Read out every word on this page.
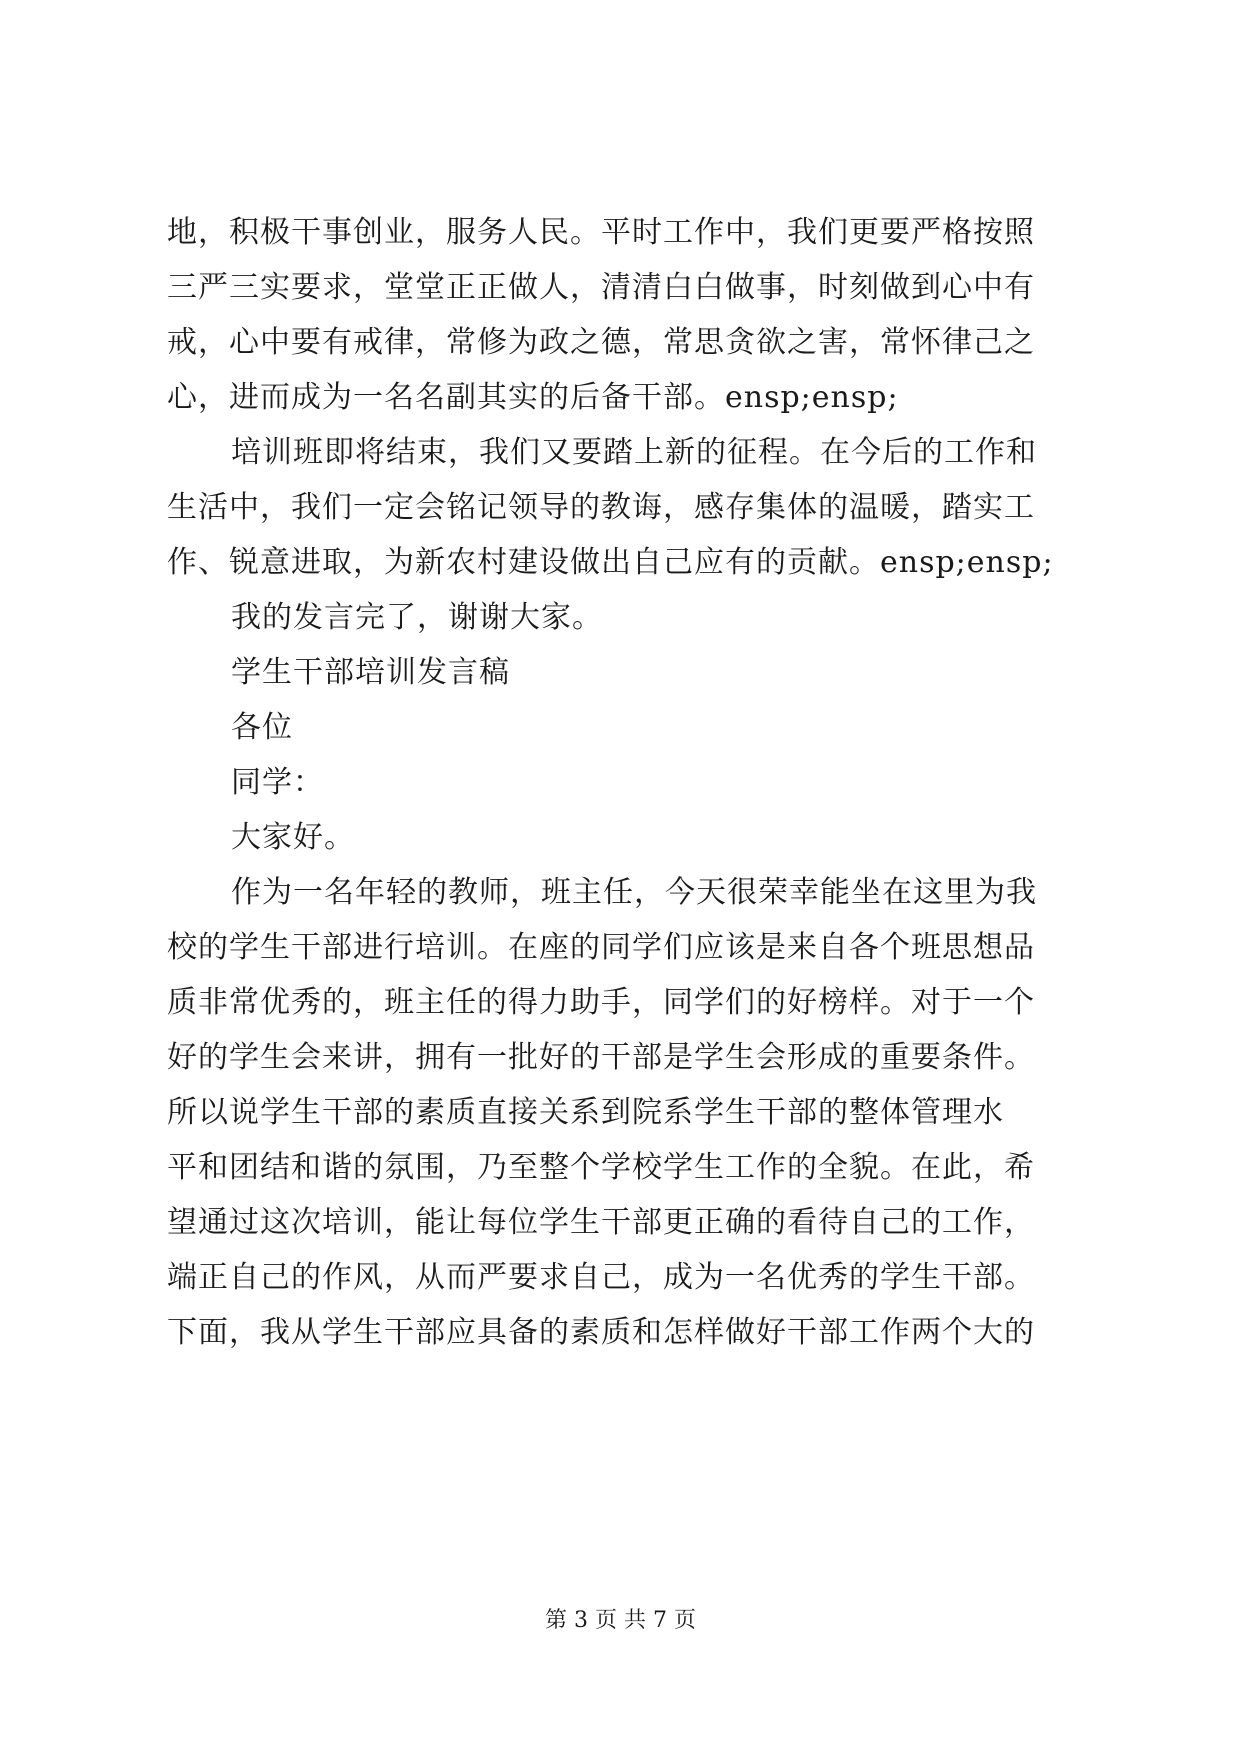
地，积极干事创业，服务人民。平时工作中，我们更要严格按照
三严三实要求，堂堂正正做人，清清白白做事，时刻做到心中有
戒，心中要有戒律，常修为政之德，常思贪欲之害，常怀律己之
心，进而成为一名名副其实的后备干部。ensp;ensp;
培训班即将结束，我们又要踏上新的征程。在今后的工作和
生活中，我们一定会铭记领导的教诲，感存集体的温暖，踏实工
作、锐意进取，为新农村建设做出自己应有的贡献。ensp;ensp;
我的发言完了，谢谢大家。
学生干部培训发言稿
各位
同学：
大家好。
作为一名年轻的教师，班主任，今天很荣幸能坐在这里为我
校的学生干部进行培训。在座的同学们应该是来自各个班思想品
质非常优秀的，班主任的得力助手，同学们的好榜样。对于一个
好的学生会来讲，拥有一批好的干部是学生会形成的重要条件。
所以说学生干部的素质直接关系到院系学生干部的整体管理水
平和团结和谐的氛围，乃至整个学校学生工作的全貌。在此，希
望通过这次培训，能让每位学生干部更正确的看待自己的工作，
端正自己的作风，从而严要求自己，成为一名优秀的学生干部。
下面，我从学生干部应具备的素质和怎样做好干部工作两个大的
第 3 页 共 7 页
